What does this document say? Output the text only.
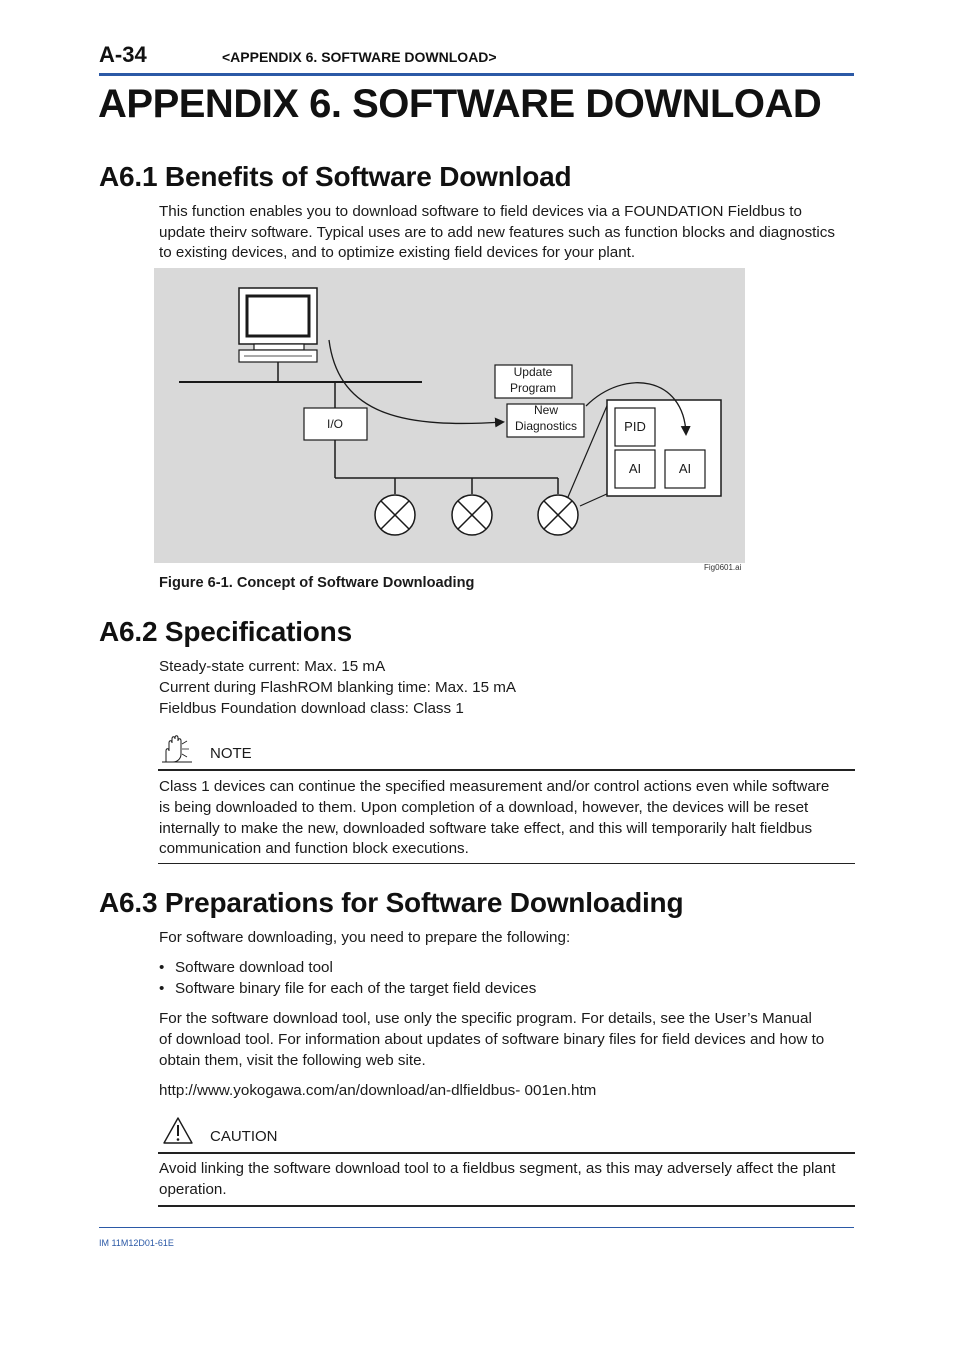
A-34	<APPENDIX 6. SOFTWARE DOWNLOAD>
APPENDIX 6. SOFTWARE DOWNLOAD
A6.1 Benefits of Software Download
This function enables you to download software to field devices via a FOUNDATION Fieldbus to
update theirv software. Typical uses are to add new features such as function blocks and diagnostics
to existing devices, and to optimize existing field devices for your plant.
I/O
Update
Program
New
Diagnostics	PID
AI	AI
Fig0601.ai
Figure 6-1. Concept of Software Downloading
A6.2 Specifications
Steady-state current: Max. 15 mA
Current during FlashROM blanking time: Max. 15 mA
Fieldbus Foundation download class: Class 1
NOTE
Class 1 devices can continue the specified measurement and/or control actions even while software
is being downloaded to them. Upon completion of a download, however, the devices will be reset
internally to make the new, downloaded software take effect, and this will temporarily halt fieldbus
communication and function block executions.
A6.3 Preparations for Software Downloading
For software downloading, you need to prepare the following:
• Software download tool
• Software binary file for each of the target field devices
For the software download tool, use only the specific program. For details, see the User’s Manual
of download tool. For information about updates of software binary files for field devices and how to
obtain them, visit the following web site.
http://www.yokogawa.com/an/download/an-dlfieldbus- 001en.htm
CAUTION
Avoid linking the software download tool to a fieldbus segment, as this may adversely affect the plant
operation.
IM 11M12D01-61E
